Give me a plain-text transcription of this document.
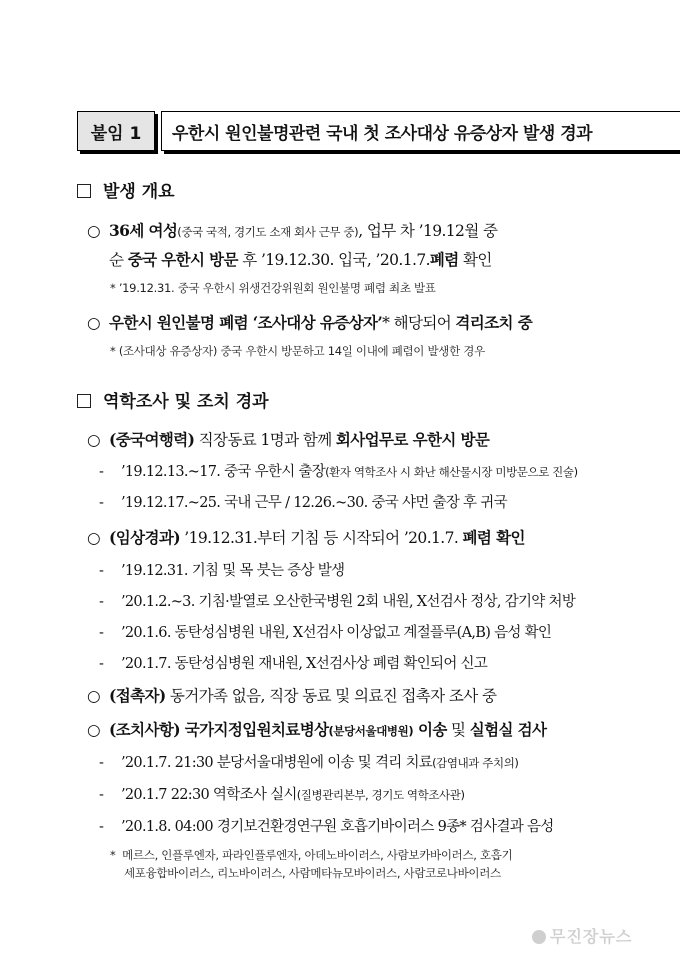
붙임 1 우한시 원인불명관련 국내 첫 조사대상 유증상자 발생 경과
발생 개요
○ 36세 여성(중국 국적, 경기도 소재 회사 근무 중), 업무 차 ’19.12월 중
순 중국 우한시 방문 후 ’19.12.30. 입국, ’20.1.7.폐렴 확인
* ’19.12.31. 중국 우한시 위생건강위원회 원인불명 폐렴 최초 발표
○ 우한시 원인불명 폐렴 ‘조사대상 유증상자’* 해당되어 격리조치 중
* (조사대상 유증상자) 중국 우한시 방문하고 14일 이내에 폐렴이 발생한 경우
역학조사 및 조치 경과
○ (중국여행력) 직장동료 1명과 함께 회사업무로 우한시 방문
- ’19.12.13.~17. 중국 우한시 출장(환자 역학조사 시 화난 해산물시장 미방문으로 진술)
- ’19.12.17.~25. 국내 근무 / 12.26.~30. 중국 샤먼 출장 후 귀국
○ (임상경과) ’19.12.31.부터 기침 등 시작되어 ’20.1.7. 폐렴 확인
- ’19.12.31. 기침 및 목 붓는 증상 발생
- ’20.1.2.~3. 기침·발열로 오산한국병원 2회 내원, X선검사 정상, 감기약 처방
- ’20.1.6. 동탄성심병원 내원, X선검사 이상없고 계절플루(A,B) 음성 확인
- ’20.1.7. 동탄성심병원 재내원, X선검사상 폐렴 확인되어 신고
○ (접촉자) 동거가족 없음, 직장 동료 및 의료진 접촉자 조사 중
○ (조치사항) 국가지정입원치료병상(분당서울대병원) 이송 및 실험실 검사
- ’20.1.7. 21:30 분당서울대병원에 이송 및 격리 치료(감염내과 주치의)
- ’20.1.7 22:30 역학조사 실시(질병관리본부, 경기도 역학조사관)
- ’20.1.8. 04:00 경기보건환경연구원 호흡기바이러스 9종* 검사결과 음성
* 메르스, 인플루엔자, 파라인플루엔자, 아데노바이러스, 사람보카바이러스, 호흡기
세포융합바이러스, 리노바이러스, 사람메타뉴모바이러스, 사람코로나바이러스
무진장뉴스
